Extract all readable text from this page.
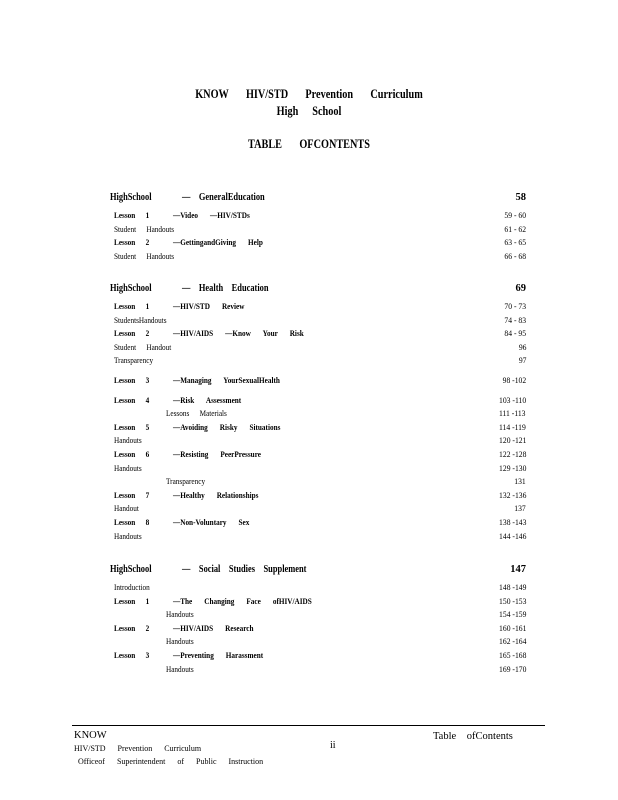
KNOW HIV/STD Prevention Curriculum
High School
TABLE OFCONTENTS
HighSchool	— GeneralEducation	58
Lesson 1	—Video —HIV/STDs	59 - 60
Student Handouts	61 - 62
Lesson 2	—GettingandGiving Help	63 - 65
Student Handouts	66 - 68
HighSchool	— Health Education	69
Lesson 1	—HIV/STD Review	70 - 73
StudentsHandouts	74 - 83
Lesson 2	—HIV/AIDS —Know Your Risk	84 - 95
Student Handout	96
Transparency	97
Lesson 3	—Managing YourSexualHealth	98 -102
Lesson 4	—Risk Assessment	103 -110
Lessons Materials	111 -113
Lesson 5	—Avoiding Risky Situations	114 -119
Handouts	120 -121
Lesson 6	—Resisting PeerPressure	122 -128
Handouts	129 -130
Transparency	131
Lesson 7	—Healthy Relationships	132 -136
Handout	137
Lesson 8	—Non-Voluntary Sex	138 -143
Handouts	144 -146
HighSchool	— Social Studies Supplement	147
Introduction	148 -149
Lesson 1	—The Changing Face ofHIV/AIDS	150 -153
Handouts	154 -159
Lesson 2	—HIV/AIDS Research	160 -161
Handouts	162 -164
Lesson 3	—Preventing Harassment	165 -168
Handouts	169 -170
KNOW
HIV/STD Prevention Curriculum
Officeof Superintendent of Public Instruction
ii
Table ofContents
